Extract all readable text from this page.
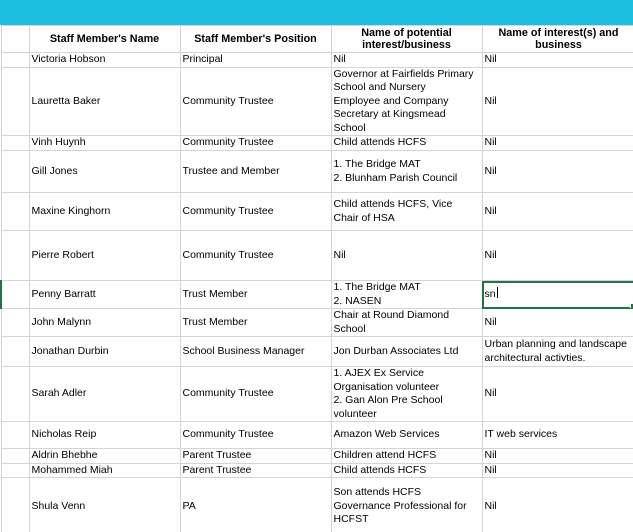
	Staff Member's Name	Staff Member's Position	Name of potential interest/business	Name of interest(s) and business

	Victoria Hobson	Principal	Nil	Nil

	Lauretta Baker	Community Trustee	Governor at Fairfields Primary School and Nursery
Employee and Company Secretary at Kingsmead School	Nil

	Vinh Huynh	Community Trustee	Child attends HCFS	Nil

	Gill Jones	Trustee and Member	1. The Bridge MAT
2. Blunham Parish Council	Nil

	Maxine Kinghorn	Community Trustee	Child attends HCFS, Vice Chair of HSA	Nil

	Pierre Robert	Community Trustee	Nil	Nil

	Penny Barratt	Trust Member	1. The Bridge MAT
2. NASEN	sn

	John Malynn	Trust Member	Chair at Round Diamond School	Nil

	Jonathan Durbin	School Business Manager	Jon Durban Associates Ltd	Urban planning and landscape architectural activties.

	Sarah Adler	Community Trustee	1. AJEX Ex Service Organisation volunteer
2. Gan Alon Pre School volunteer	Nil

	Nicholas Reip	Community Trustee	Amazon Web Services	IT web services

	Aldrin Bhebhe	Parent Trustee	Children attend HCFS	Nil

	Mohammed Miah	Parent Trustee	Child attends HCFS	Nil

	Shula Venn	PA	Son attends HCFS
Governance Professional for HCFST	Nil
